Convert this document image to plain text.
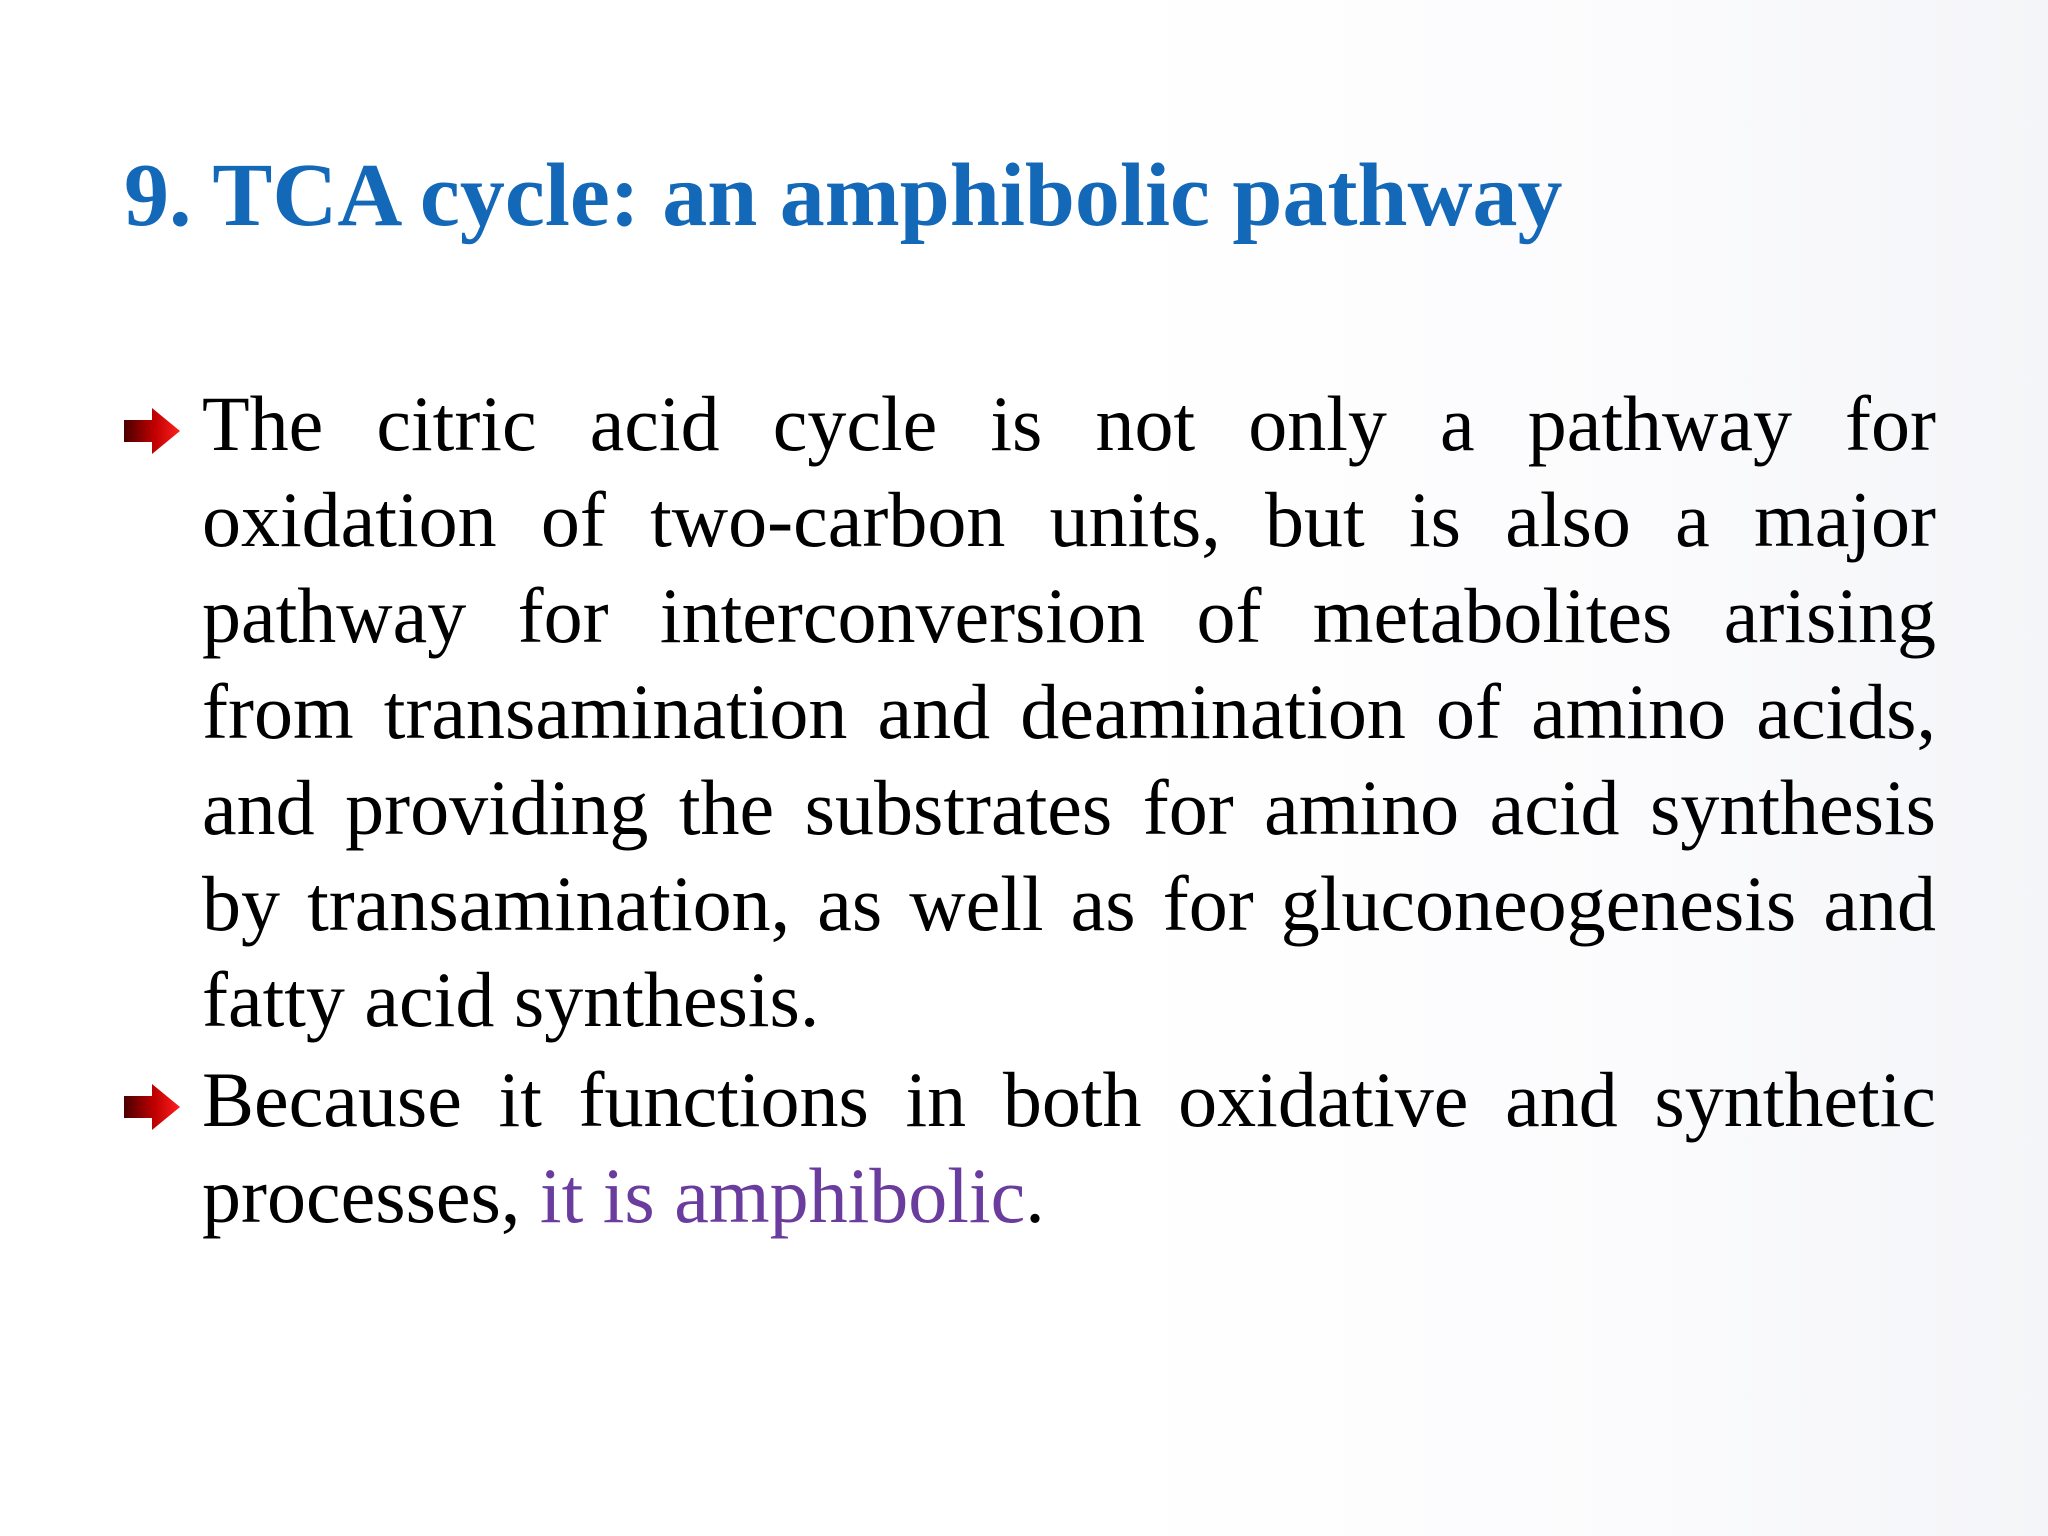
9. TCA cycle: an amphibolic pathway
The citric acid cycle is not only a pathway for oxidation of two-carbon units, but is also a major pathway for interconversion of metabolites arising from transamination and deamination of amino acids, and providing the substrates for amino acid synthesis by transamination, as well as for gluconeogenesis and fatty acid synthesis.
Because it functions in both oxidative and synthetic processes, it is amphibolic.
